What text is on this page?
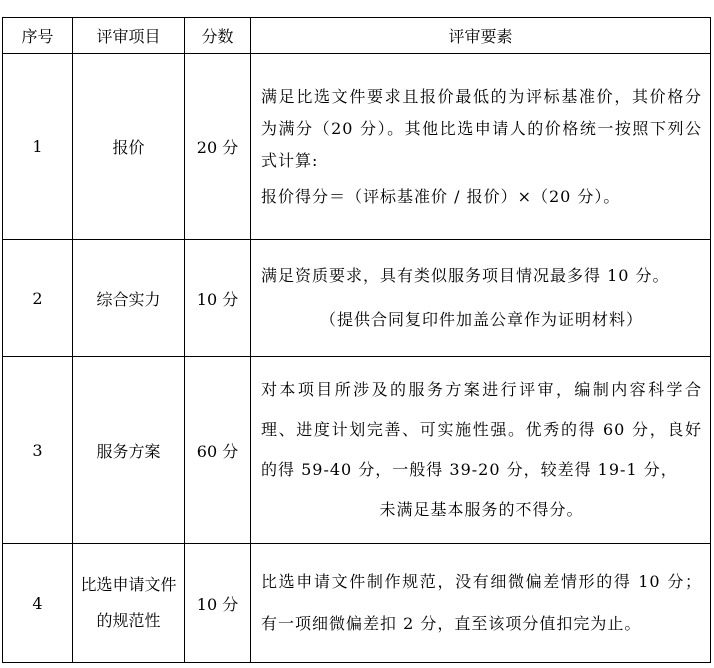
序号	评审项目	分数	评审要素
1	报价	20 分	满足比选文件要求且报价最低的为评标基准价，其价格分为满分（20 分）。其他比选申请人的价格统一按照下列公式计算:
报价得分＝（评标基准价 / 报价）×（20 分）。

2	综合实力	10 分	满足资质要求，具有类似服务项目情况最多得 10 分。
（提供合同复印件加盖公章作为证明材料）

3	服务方案	60 分	对本项目所涉及的服务方案进行评审，编制内容科学合理、进度计划完善、可实施性强。优秀的得 60 分，良好的得 59-40 分，一般得 39-20 分，较差得 19-1 分，
未满足基本服务的不得分。

4	比选申请文件的规范性	10 分	比选申请文件制作规范，没有细微偏差情形的得 10 分；有一项细微偏差扣 2 分，直至该项分值扣完为止。
